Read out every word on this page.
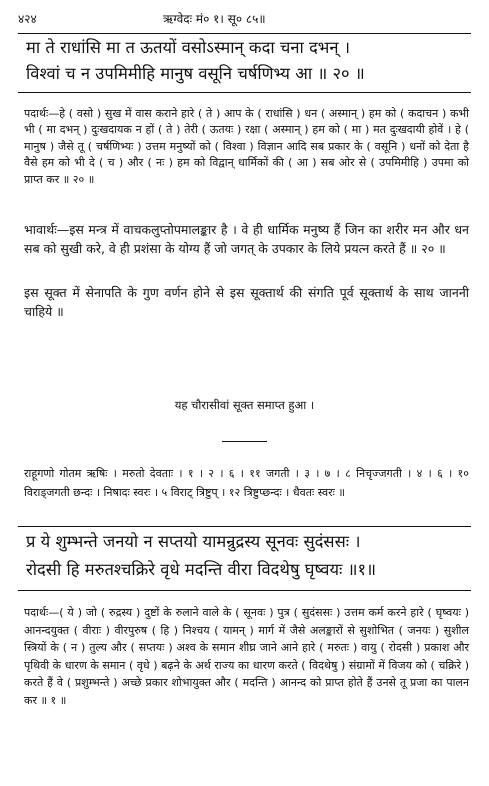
४२४	ऋग्वेदः मं० १। सू० ८५॥
मा ते राधांसि मा त ऊतयों वसोऽस्मान् कदा चना दभन् ।
विश्वां च न उपमिमीहि मानुष वसूनि चर्षणिभ्य आ ॥ २० ॥

पदार्थः—हे ( वसो ) सुख में वास कराने हारे ( ते ) आप के ( राधांसि ) धन ( अस्मान् ) हम को ( कदाचन ) कभी भी ( मा दभन् ) दुःखदायक न हों ( ते ) तेरी ( ऊतयः ) रक्षा ( अस्मान् ) हम को ( मा ) मत दुःखदायी होवें । हे ( मानुष ) जैसे तू ( चर्षणिभ्यः ) उत्तम मनुष्यों को ( विश्वा ) विज्ञान आदि सब प्रकार के ( वसूनि ) धनों को देता है वैसे हम को भी दे ( च ) और ( नः ) हम को विद्वान् धार्मिकों की ( आ ) सब ओर से ( उपमिमीहि ) उपमा को प्राप्त कर ॥ २० ॥

भावार्थः—इस मन्त्र में वाचकलुप्तोपमालङ्कार है । वे ही धार्मिक मनुष्य हैं जिन का शरीर मन और धन सब को सुखी करे, वे ही प्रशंसा के योग्य हैं जो जगत् के उपकार के लिये प्रयत्न करते हैं ॥ २० ॥

इस सूक्त में सेनापति के गुण वर्णन होने से इस सूक्तार्थ की संगति पूर्व सूक्तार्थ के साथ जाननी चाहिये ॥

यह चौरासीवां सूक्त समाप्त हुआ ।

राहूगणो गोतम ऋषिः । मरुतो देवताः । १ । २ । ६ । ११ जगती । ३ । ७ । ८ निचृज्जगती । ४ । ६ । १० विराड्जगती छन्दः । निषादः स्वरः । ५ विराट् त्रिष्टुप् । १२ त्रिष्टुप्छन्दः । धैवतः स्वरः ॥

प्र ये शुम्भन्ते जनयो न सप्तयो यामन्रुद्रस्य सूनवः सुदंससः ।
रोदसी हि मरुतश्चक्रिरे वृधे मदन्ति वीरा विदथेषु घृष्वयः ॥१॥

पदार्थः—( ये ) जो ( रुद्रस्य ) दुष्टों के रुलाने वाले के ( सूनवः ) पुत्र ( सुदंससः ) उत्तम कर्म करने हारे ( घृष्वयः ) आनन्दयुक्त ( वीराः ) वीरपुरुष ( हि ) निश्चय ( यामन् ) मार्ग में जैसे अलङ्कारों से सुशोभित ( जनयः ) सुशील स्त्रियों के ( न ) तुल्य और ( सप्तयः ) अश्व के समान शीघ्र जाने आने हारे ( मरुतः ) वायु ( रोदसी ) प्रकाश और पृथिवी के धारण के समान ( वृधे ) बढ़ने के अर्थ राज्य का धारण करते ( विदथेषु ) संग्रामों में विजय को ( चक्रिरे ) करते हैं वे ( प्रशुम्भन्ते ) अच्छे प्रकार शोभायुक्त और ( मदन्ति ) आनन्द को प्राप्त होते हैं उनसे तू प्रजा का पालन कर ॥ १ ॥
